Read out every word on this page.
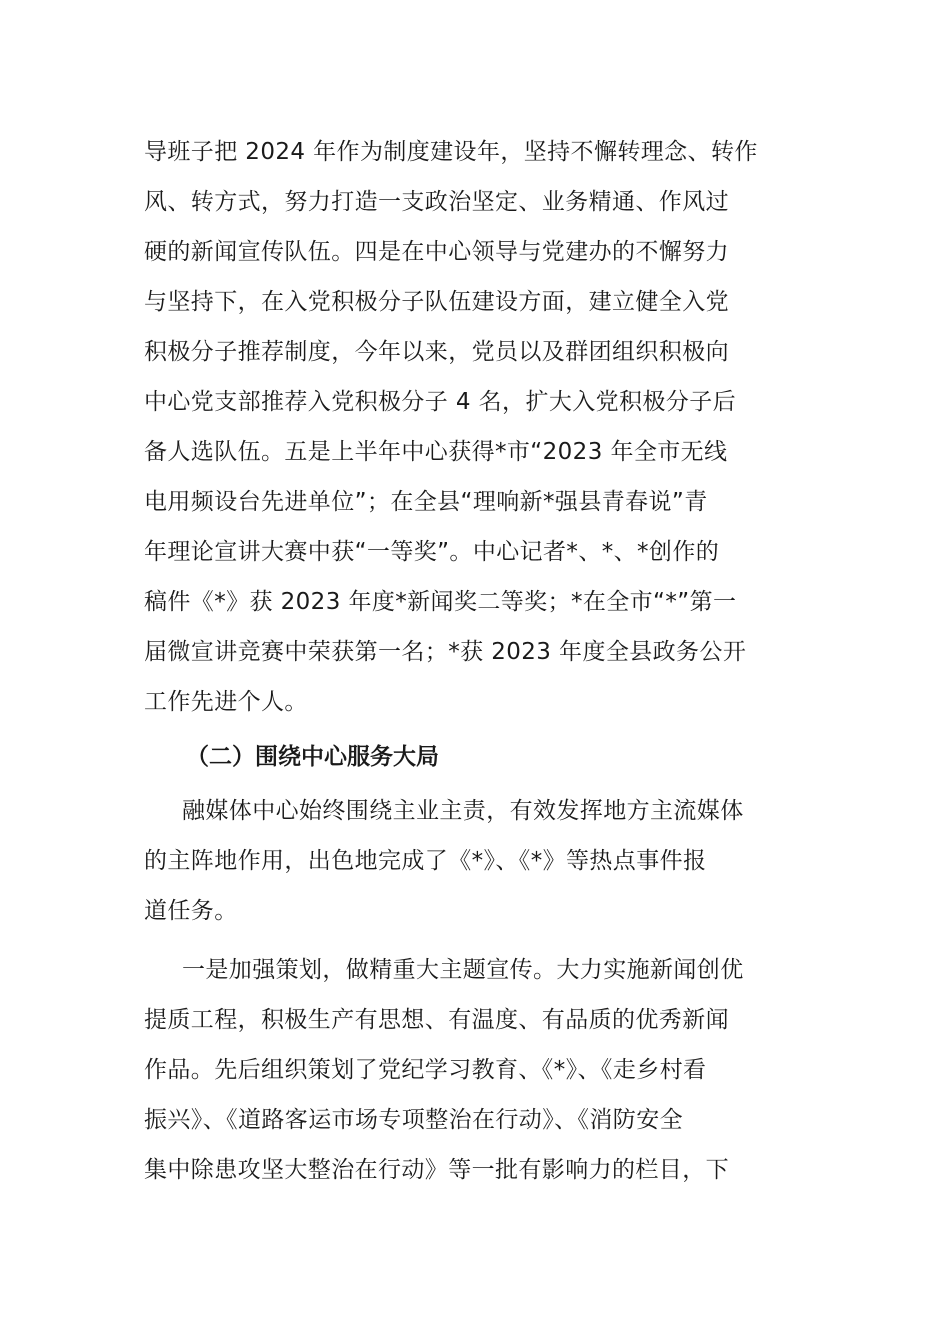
导班子把 2024 年作为制度建设年，坚持不懈转理念、转作
风、转方式，努力打造一支政治坚定、业务精通、作风过
硬的新闻宣传队伍。四是在中心领导与党建办的不懈努力
与坚持下，在入党积极分子队伍建设方面，建立健全入党
积极分子推荐制度，今年以来，党员以及群团组织积极向
中心党支部推荐入党积极分子 4 名，扩大入党积极分子后
备人选队伍。五是上半年中心获得*市“2023 年全市无线
电用频设台先进单位”；在全县“理响新*强县青春说”青
年理论宣讲大赛中获“一等奖”。中心记者*、*、*创作的
稿件《*》获 2023 年度*新闻奖二等奖；*在全市“*”第一
届微宣讲竞赛中荣获第一名；*获 2023 年度全县政务公开
工作先进个人。
（二）围绕中心服务大局
融媒体中心始终围绕主业主责，有效发挥地方主流媒体
的主阵地作用，出色地完成了《*》、《*》等热点事件报
道任务。
一是加强策划，做精重大主题宣传。大力实施新闻创优
提质工程，积极生产有思想、有温度、有品质的优秀新闻
作品。先后组织策划了党纪学习教育、《*》、《走乡村看
振兴》、《道路客运市场专项整治在行动》、《消防安全
集中除患攻坚大整治在行动》等一批有影响力的栏目，下
